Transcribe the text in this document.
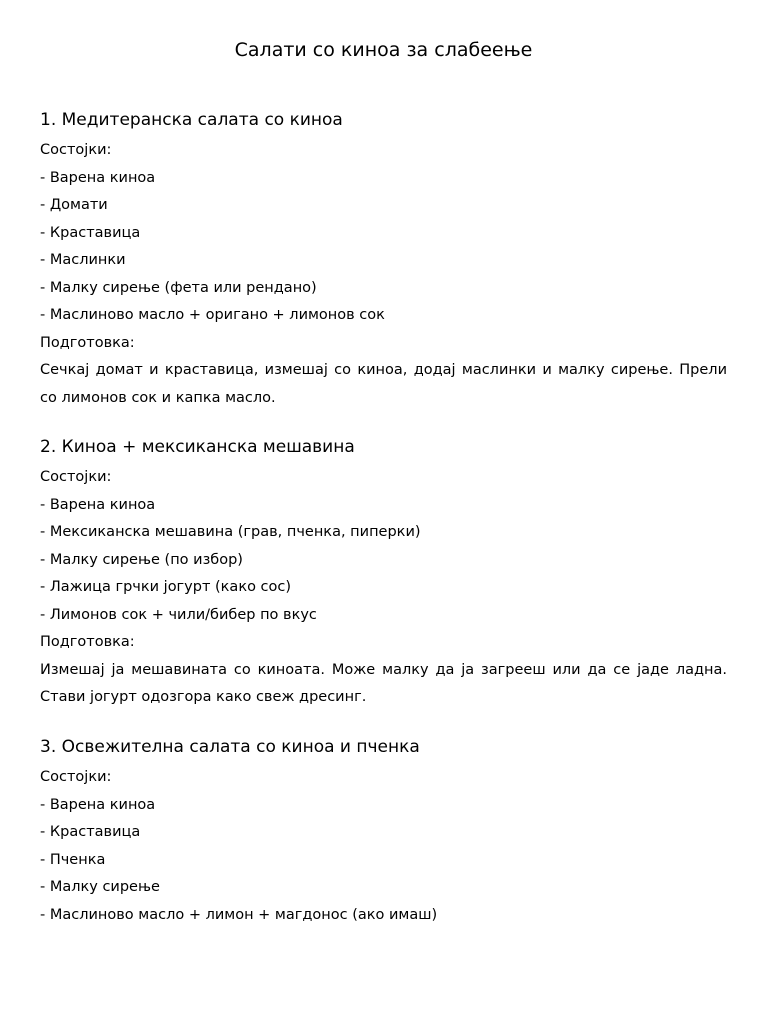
Салати со киноа за слабеење
1. Медитеранска салата со киноа

Состојки:

- Варена киноа
- Домати
- Краставица
- Маслинки
- Малку сирење (фета или рендано)
- Маслиново масло + оригано + лимонов сок

Подготовка:

Сечкај домат и краставица, измешај со киноа, додај маслинки и малку сирење. Прели со лимонов сок и капка масло.

2. Киноа + мексиканска мешавина

Состојки:

- Варена киноа
- Мексиканска мешавина (грав, пченка, пиперки)
- Малку сирење (по избор)
- Лажица грчки јогурт (како сос)
- Лимонов сок + чили/бибер по вкус

Подготовка:

Измешај ја мешавината со киноата. Може малку да ја загрееш или да се јаде ладна. Стави јогурт одозгора како свеж дресинг.

3. Освежителна салата со киноа и пченка

Состојки:

- Варена киноа
- Краставица
- Пченка
- Малку сирење
- Маслиново масло + лимон + магдонос (ако имаш)
